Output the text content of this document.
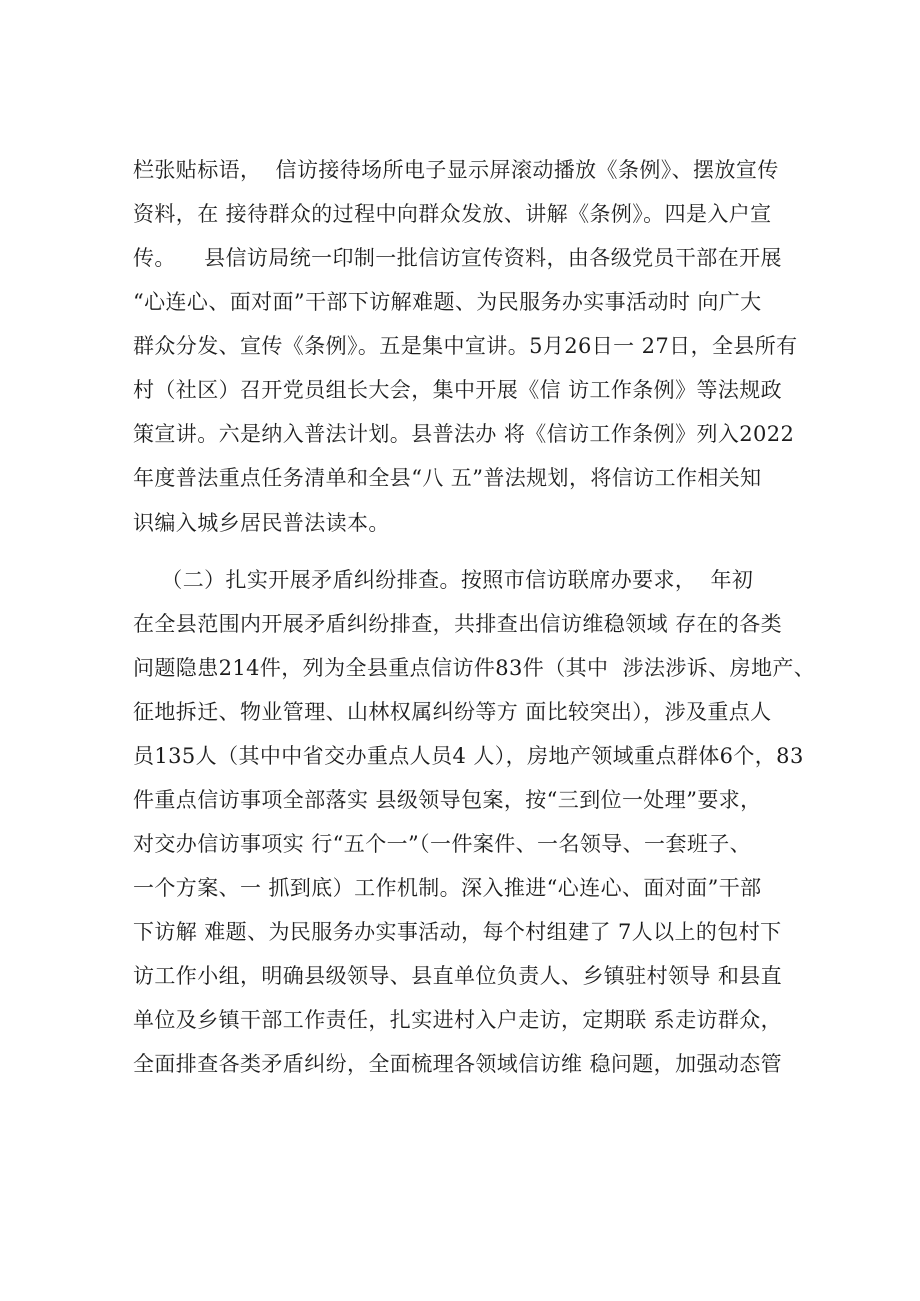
栏张贴标语，  信访接待场所电子显示屏滚动播放《条例》、摆放宣传
资料，在 接待群众的过程中向群众发放、讲解《条例》。四是入户宣
传。    县信访局统一印制一批信访宣传资料，由各级党员干部在开展
“心连心、面对面”干部下访解难题、为民服务办实事活动时 向广大
群众分发、宣传《条例》。五是集中宣讲。5月26日一 27日，全县所有
村（社区）召开党员组长大会，集中开展《信 访工作条例》等法规政
策宣讲。六是纳入普法计划。县普法办 将《信访工作条例》列入2022
年度普法重点任务清单和全县“八 五”普法规划，将信访工作相关知
识编入城乡居民普法读本。
（二）扎实开展矛盾纠纷排查。按照市信访联席办要求，  年初
在全县范围内开展矛盾纠纷排查，共排查出信访维稳领域 存在的各类
问题隐患214件，列为全县重点信访件83件（其中  涉法涉诉、房地产、
征地拆迁、物业管理、山林权属纠纷等方 面比较突出），涉及重点人
员135人（其中中省交办重点人员4 人），房地产领域重点群体6个，83
件重点信访事项全部落实 县级领导包案，按“三到位一处理”要求，
对交办信访事项实 行“五个一”（一件案件、一名领导、一套班子、
一个方案、一 抓到底）工作机制。深入推进“心连心、面对面”干部
下访解 难题、为民服务办实事活动，每个村组建了 7人以上的包村下
访工作小组，明确县级领导、县直单位负责人、乡镇驻村领导 和县直
单位及乡镇干部工作责任，扎实进村入户走访，定期联 系走访群众，
全面排查各类矛盾纠纷，全面梳理各领域信访维 稳问题，加强动态管
